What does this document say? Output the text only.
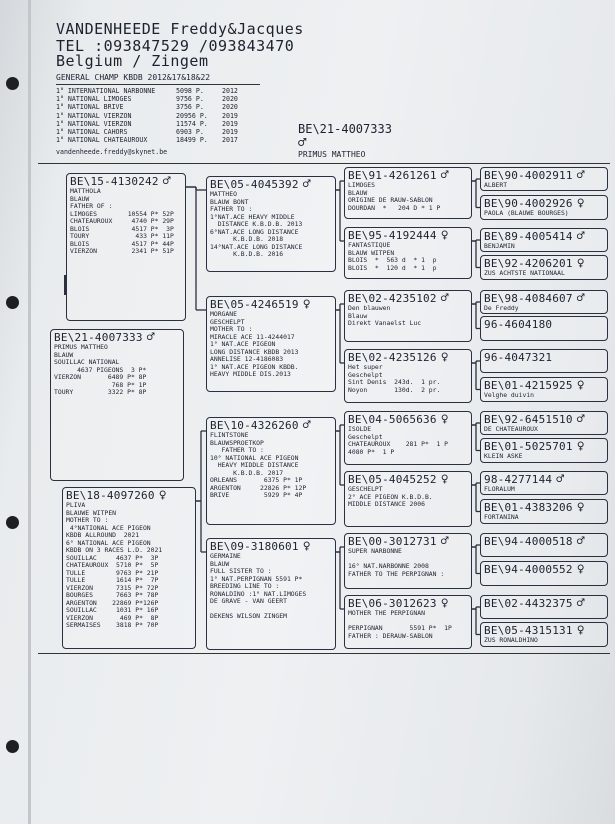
VANDENHEEDE Freddy&Jacques
TEL :093847529 /093843470
Belgium / Zingem
GENERAL CHAMP KBDB 2012&17&18&22
1° INTERNATIONAL NARBONNE	5098 P.	2012
1° NATIONAL LIMOGES	9756 P.	2020
1° NATIONAL BRIVE	3756 P.	2020
1° NATIONAL VIERZON	20956 P. 2019
1° NATIONAL VIERZON	11574 P. 2019
1° NATIONAL CAHORS	6903 P.	2019
1° NATIONAL CHATEAUROUX	18499 P. 2017
vandenheede.freddy@skynet.be
BE\21-4007333
♂
PRIMUS MATTHEO
BE\15-4130242 ♂
MATTHOLA
BLAUW
FATHER OF :
LIMOGES        10554 P* 52P
CHATEAUROUX     4740 P* 29P
BLOIS           4517 P*  3P
TOURY            433 P* 11P
BLOIS           4517 P* 44P
VIERZON         2341 P* 51P
BE\21-4007333 ♂
PRIMUS MATTHEO
BLAUW
SOUILLAC NATIONAL
4637 PIGEONS  3 P*
VIERZON       6489 P* 8P
768 P* 1P
TOURY         3322 P* 8P
BE\18-4097260 ♀
PLIVA
BLAUWE WITPEN
MOTHER TO :
4°NATIONAL ACE PIGEON
KBDB ALLROUND  2021
6° NATIONAL ACE PIGEON
KBDB ON 3 RACES L.D. 2021
SOUILLAC     4637 P*  3P
CHATEAUROUX  5710 P*  5P
TULLE        9763 P* 21P
TULLE        1614 P*  7P
VIERZON      7315 P* 72P
BOURGES      7663 P* 78P
ARGENTON    22869 P*126P
SOUILLAC     1031 P* 16P
VIERZON       469 P*  8P
SERMAISES    3818 P* 70P
BE\05-4045392 ♂
MATTHEO
BLAUW BONT
FATHER TO :
1°NAT.ACE HEAVY MIDDLE
DISTANCE K.B.D.B. 2013
6°NAT.ACE LONG DISTANCE
K.B.D.B. 2018
14°NAT.ACE LONG DISTANCE
K.B.D.B. 2016
BE\05-4246519 ♀
MORGANE
GESCHELPT
MOTHER TO :
MIRACLE ACE 11-4244017
1° NAT.ACE PIGEON
LONG DISTANCE KBDB 2013
ANNELISE 12-4186083
1° NAT.ACE PIGEON KBDB.
HEAVY MIDDLE DIS.2013
BE\10-4326260 ♂
FLINTSTONE
BLAUWSPROETKOP
FATHER TO :
10° NATIONAL ACE PIGEON
HEAVY MIDDLE DISTANCE
K.B.D.B. 2017
ORLEANS       6375 P* 1P
ARGENTON     22826 P* 12P
BRIVE         5929 P* 4P
BE\09-3180601 ♀
GERMAINE
BLAUW
FULL SISTER TO :
1° NAT.PERPIGNAN 5591 P*
BREEDING LINE TO :
RONALDINO :1° NAT.LIMOGES
DE GRAVE - VAN GEERT

DEKENS WILSON ZINGEM
BE\91-4261261 ♂
LIMOGES
BLAUW
ORIGINE DE RAUW-SABLON
DOURDAN  *   204 D * 1 P
BE\95-4192444 ♀
FANTASTIQUE
BLAUW WITPEN
BLOIS  *  563 d  * 1  p
BLOIS  *  120 d  * 1  p
BE\02-4235102 ♂
Den blauwen
Blauw
Direkt Vanaelst Luc
BE\02-4235126 ♀
Het super
Geschelpt
Sint Denis  243d.  1 pr.
Noyon       130d.  2 pr.
BE\04-5065636 ♀
ISOLDE
Geschelpt
CHATEAUROUX    281 P*  1 P
4080 P*  1 P
BE\05-4045252 ♀
GESCHELPT
2° ACE PIGEON K.B.D.B.
MIDDLE DISTANCE 2006
BE\00-3012731 ♂
SUPER NARBONNE

16° NAT.NARBONNE 2008
FATHER TO THE PERPIGNAN :
BE\06-3012623 ♀
MOTHER THE PERPIGNAN

PERPIGNAN       5591 P*  1P
FATHER : DERAUW-SABLON
BE\90-4002911 ♂
ALBERT
BE\90-4002926 ♀
PAOLA (BLAUWE BOURGES)
BE\89-4005414 ♂
BENJAMIN
BE\92-4206201 ♀
ZUS ACHTSTE NATIONAAL
BE\98-4084607 ♂
De Freddy
96-4604180
96-4047321
BE\01-4215925 ♀
Velghe duivin
BE\92-6451510 ♂
DE CHATEAUROUX
BE\01-5025701 ♀
KLEIN ASKE
98-4277144 ♂
FLORALUM
BE\01-4383206 ♀
FORTANINA
BE\94-4000518 ♂
BE\94-4000552 ♀
BE\02-4432375 ♂
BE\05-4315131 ♀
ZUS RONALDHINO
